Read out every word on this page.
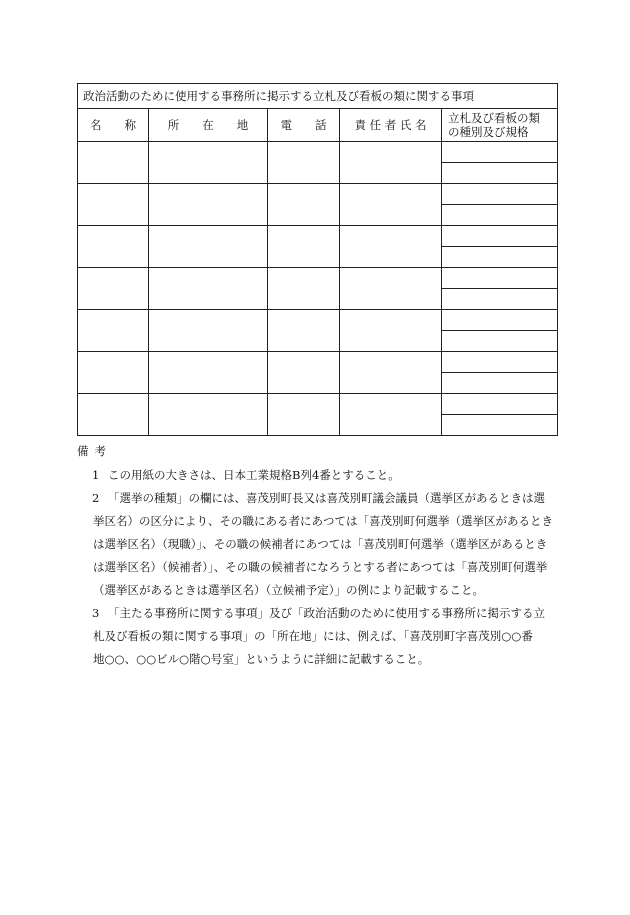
政治活動のために使用する事務所に掲示する立札及び看板の類に関する事項				
名　　称	所　　在　　地	電　　話	責 任 者 氏 名	立札及び看板の類
の種別及び規格

備考
1 この用紙の大きさは、日本工業規格B列4番とすること。
2 「選挙の種類」の欄には、喜茂別町長又は喜茂別町議会議員（選挙区があるときは選
挙区名）の区分により、その職にある者にあつては「喜茂別町何選挙（選挙区があるとき
は選挙区名）（現職）」、その職の候補者にあつては「喜茂別町何選挙（選挙区があるとき
は選挙区名）（候補者）」、その職の候補者になろうとする者にあつては「喜茂別町何選挙
（選挙区があるときは選挙区名）（立候補予定）」の例により記載すること。
3 「主たる事務所に関する事項」及び「政治活動のために使用する事務所に掲示する立
札及び看板の類に関する事項」の「所在地」には、例えば、「喜茂別町字喜茂別○○番
地○○、○○ビル○階○号室」というように詳細に記載すること。
